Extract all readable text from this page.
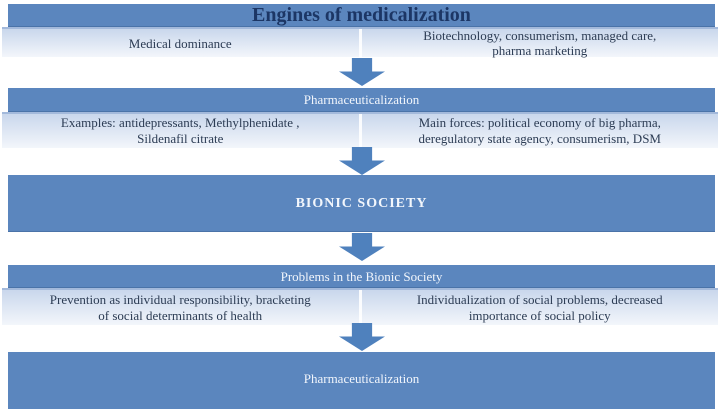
Engines of medicalization
Medical dominance	Biotechnology, consumerism, managed care,
pharma marketing
Pharmaceuticalization
Examples: antidepressants, Methylphenidate ,
Sildenafil citrate
Main forces: political economy of big pharma,
deregulatory state agency, consumerism, DSM
BIONIC SOCIETY
Problems in the Bionic Society
Prevention as individual responsibility, bracketing
of social determinants of health
Individualization of social problems, decreased
importance of social policy
Pharmaceuticalization
